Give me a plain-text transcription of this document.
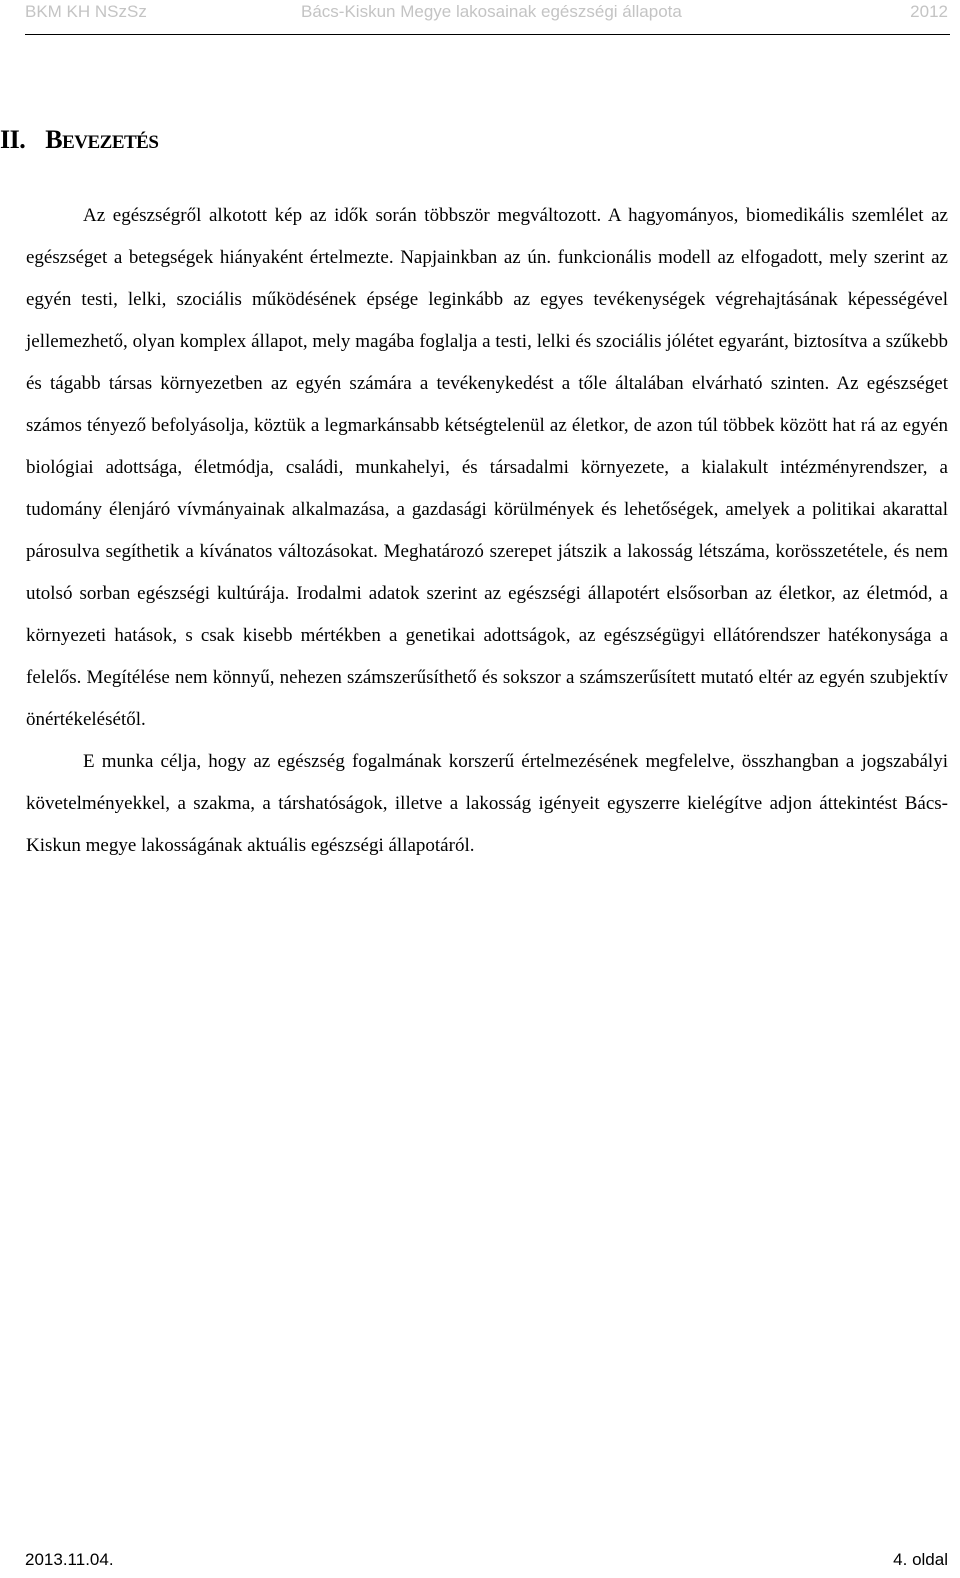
BKM KH NSzSz	Bács-Kiskun Megye lakosainak egészségi állapota	2012
II. BEVEZETÉS

Az egészségről alkotott kép az idők során többször megváltozott. A hagyományos, biomedikális szemlélet az egészséget a betegségek hiányaként értelmezte. Napjainkban az ún. funkcionális modell az elfogadott, mely szerint az egyén testi, lelki, szociális működésének épsége leginkább az egyes tevékenységek végrehajtásának képességével jellemezhető, olyan komplex állapot, mely magába foglalja a testi, lelki és szociális jólétet egyaránt, biztosítva a szűkebb és tágabb társas környezetben az egyén számára a tevékenykedést a tőle általában elvárható szinten. Az egészséget számos tényező befolyásolja, köztük a legmarkánsabb kétségtelenül az életkor, de azon túl többek között hat rá az egyén biológiai adottsága, életmódja, családi, munkahelyi, és társadalmi környezete, a kialakult intézményrendszer, a tudomány élenjáró vívmányainak alkalmazása, a gazdasági körülmények és lehetőségek, amelyek a politikai akarattal párosulva segíthetik a kívánatos változásokat. Meghatározó szerepet játszik a lakosság létszáma, korösszetétele, és nem utolsó sorban egészségi kultúrája. Irodalmi adatok szerint az egészségi állapotért elsősorban az életkor, az életmód, a környezeti hatások, s csak kisebb mértékben a genetikai adottságok, az egészségügyi ellátórendszer hatékonysága a felelős. Megítélése nem könnyű, nehezen számszerűsíthető és sokszor a számszerűsített mutató eltér az egyén szubjektív önértékelésétől.

E munka célja, hogy az egészség fogalmának korszerű értelmezésének megfelelve, összhangban a jogszabályi követelményekkel, a szakma, a társhatóságok, illetve a lakosság igényeit egyszerre kielégítve adjon áttekintést Bács-Kiskun megye lakosságának aktuális egészségi állapotáról.

2013.11.04.	4. oldal
